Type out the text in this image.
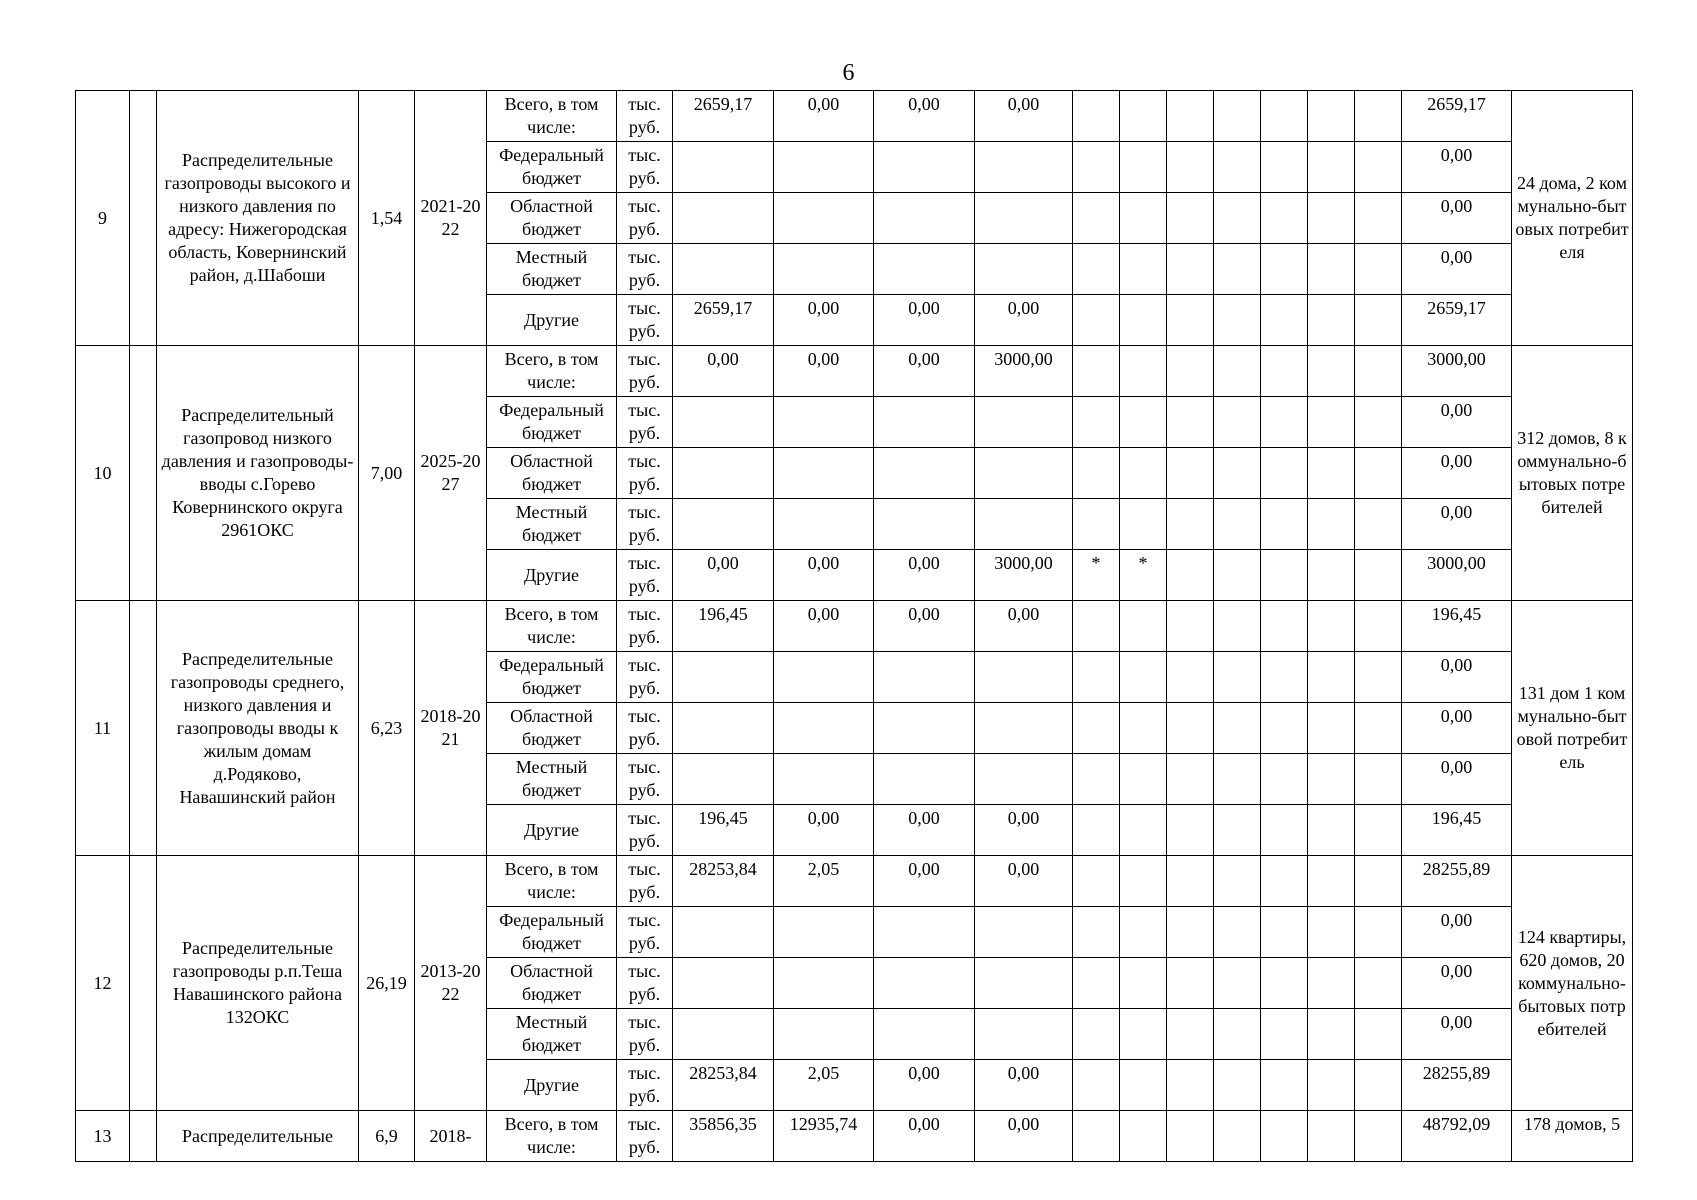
6
9		Распределительные газопроводы высокого и низкого давления по адресу: Нижегородская область, Ковернинский район, д.Шабоши	1,54	2021-2022	Всего, в том числе:	тыс.
руб.	2659,17	0,00	0,00	0,00								2659,17	24 дома, 2 коммунально-бытовых потребителя
					Федеральный бюджет	тыс.
руб.												0,00	
					Областной бюджет	тыс.
руб.												0,00	
					Местный бюджет	тыс.
руб.												0,00	
					Другие	тыс.
руб.	2659,17	0,00	0,00	0,00								2659,17	
10		Распределительный газопровод низкого давления и газопроводы-вводы с.Горево Ковернинского округа 2961ОКС	7,00	2025-2027	Всего, в том числе:	тыс.
руб.	0,00	0,00	0,00	3000,00								3000,00	312 домов, 8 коммунально-бытовых потребителей
					Федеральный бюджет	тыс.
руб.												0,00	
					Областной бюджет	тыс.
руб.												0,00	
					Местный бюджет	тыс.
руб.												0,00	
					Другие	тыс.
руб.	0,00	0,00	0,00	3000,00	*	*						3000,00	
11		Распределительные газопроводы среднего, низкого давления и газопроводы вводы к жилым домам д.Родяково, Навашинский район	6,23	2018-2021	Всего, в том числе:	тыс.
руб.	196,45	0,00	0,00	0,00								196,45	131 дом 1 коммунально-бытовой потребитель
					Федеральный бюджет	тыс.
руб.												0,00	
					Областной бюджет	тыс.
руб.												0,00	
					Местный бюджет	тыс.
руб.												0,00	
					Другие	тыс.
руб.	196,45	0,00	0,00	0,00								196,45	
12		Распределительные газопроводы р.п.Теша Навашинского района 132ОКС	26,19	2013-2022	Всего, в том числе:	тыс.
руб.	28253,84	2,05	0,00	0,00								28255,89	124 квартиры, 620 домов, 20 коммунально-бытовых потребителей
					Федеральный бюджет	тыс.
руб.												0,00	
					Областной бюджет	тыс.
руб.												0,00	
					Местный бюджет	тыс.
руб.												0,00	
					Другие	тыс.
руб.	28253,84	2,05	0,00	0,00								28255,89	
13		Распределительные	6,9	2018-	Всего, в том числе:	тыс.
руб.	35856,35	12935,74	0,00	0,00								48792,09	178 домов, 5
